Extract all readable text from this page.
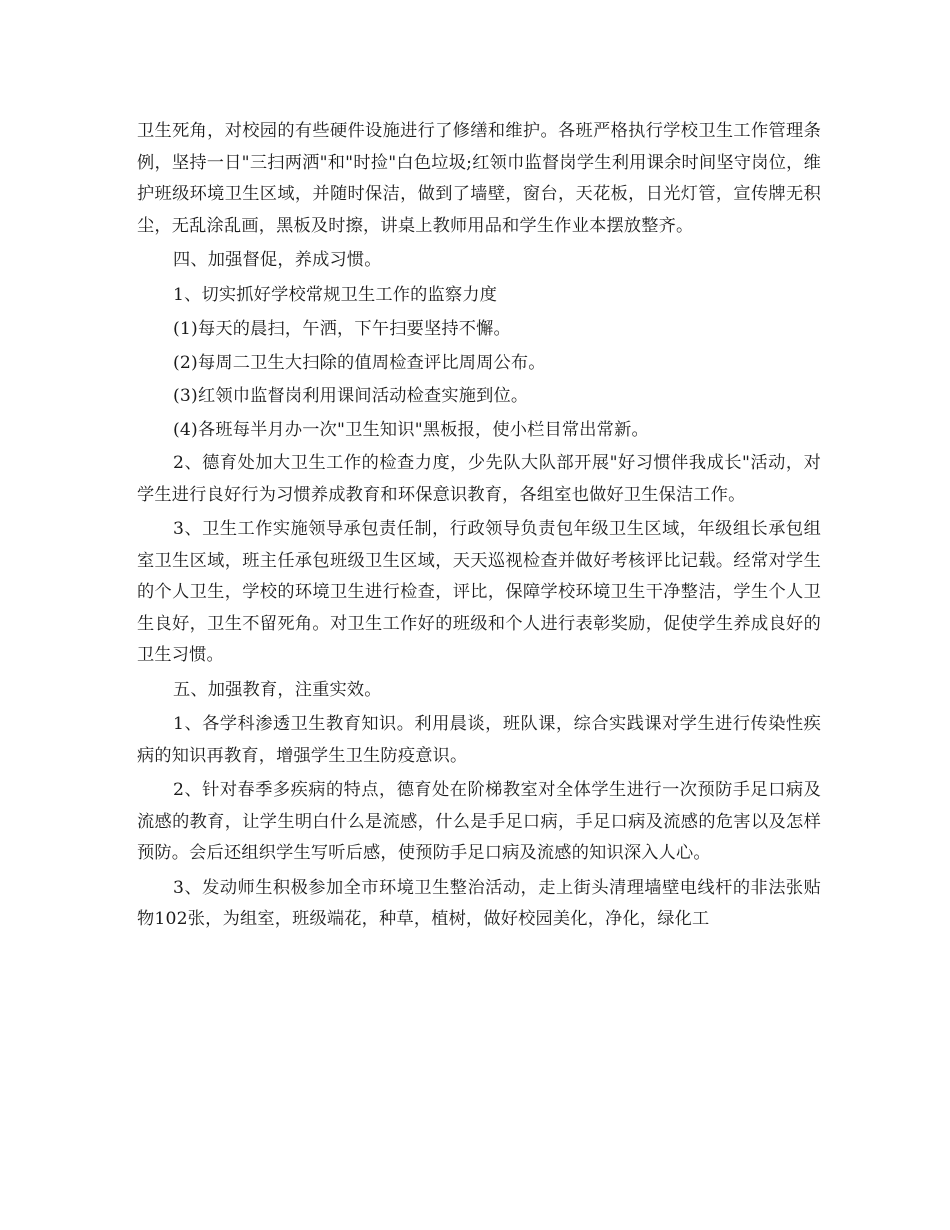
卫生死角，对校园的有些硬件设施进行了修缮和维护。各班严格执行学校卫生工作管理条例，坚持一日"三扫两洒"和"时捡"白色垃圾;红领巾监督岗学生利用课余时间坚守岗位，维护班级环境卫生区域，并随时保洁，做到了墙壁，窗台，天花板，日光灯管，宣传牌无积尘，无乱涂乱画，黑板及时擦，讲桌上教师用品和学生作业本摆放整齐。

四、加强督促，养成习惯。

1、切实抓好学校常规卫生工作的监察力度

(1)每天的晨扫，午洒，下午扫要坚持不懈。

(2)每周二卫生大扫除的值周检查评比周周公布。

(3)红领巾监督岗利用课间活动检查实施到位。

(4)各班每半月办一次"卫生知识"黑板报，使小栏目常出常新。

2、德育处加大卫生工作的检查力度，少先队大队部开展"好习惯伴我成长"活动，对学生进行良好行为习惯养成教育和环保意识教育，各组室也做好卫生保洁工作。

3、卫生工作实施领导承包责任制，行政领导负责包年级卫生区域，年级组长承包组室卫生区域，班主任承包班级卫生区域，天天巡视检查并做好考核评比记载。经常对学生的个人卫生，学校的环境卫生进行检查，评比，保障学校环境卫生干净整洁，学生个人卫生良好，卫生不留死角。对卫生工作好的班级和个人进行表彰奖励，促使学生养成良好的卫生习惯。

五、加强教育，注重实效。

1、各学科渗透卫生教育知识。利用晨谈，班队课，综合实践课对学生进行传染性疾病的知识再教育，增强学生卫生防疫意识。

2、针对春季多疾病的特点，德育处在阶梯教室对全体学生进行一次预防手足口病及流感的教育，让学生明白什么是流感，什么是手足口病，手足口病及流感的危害以及怎样预防。会后还组织学生写听后感，使预防手足口病及流感的知识深入人心。

3、发动师生积极参加全市环境卫生整治活动，走上街头清理墙壁电线杆的非法张贴物102张，为组室，班级端花，种草，植树，做好校园美化，净化，绿化工
